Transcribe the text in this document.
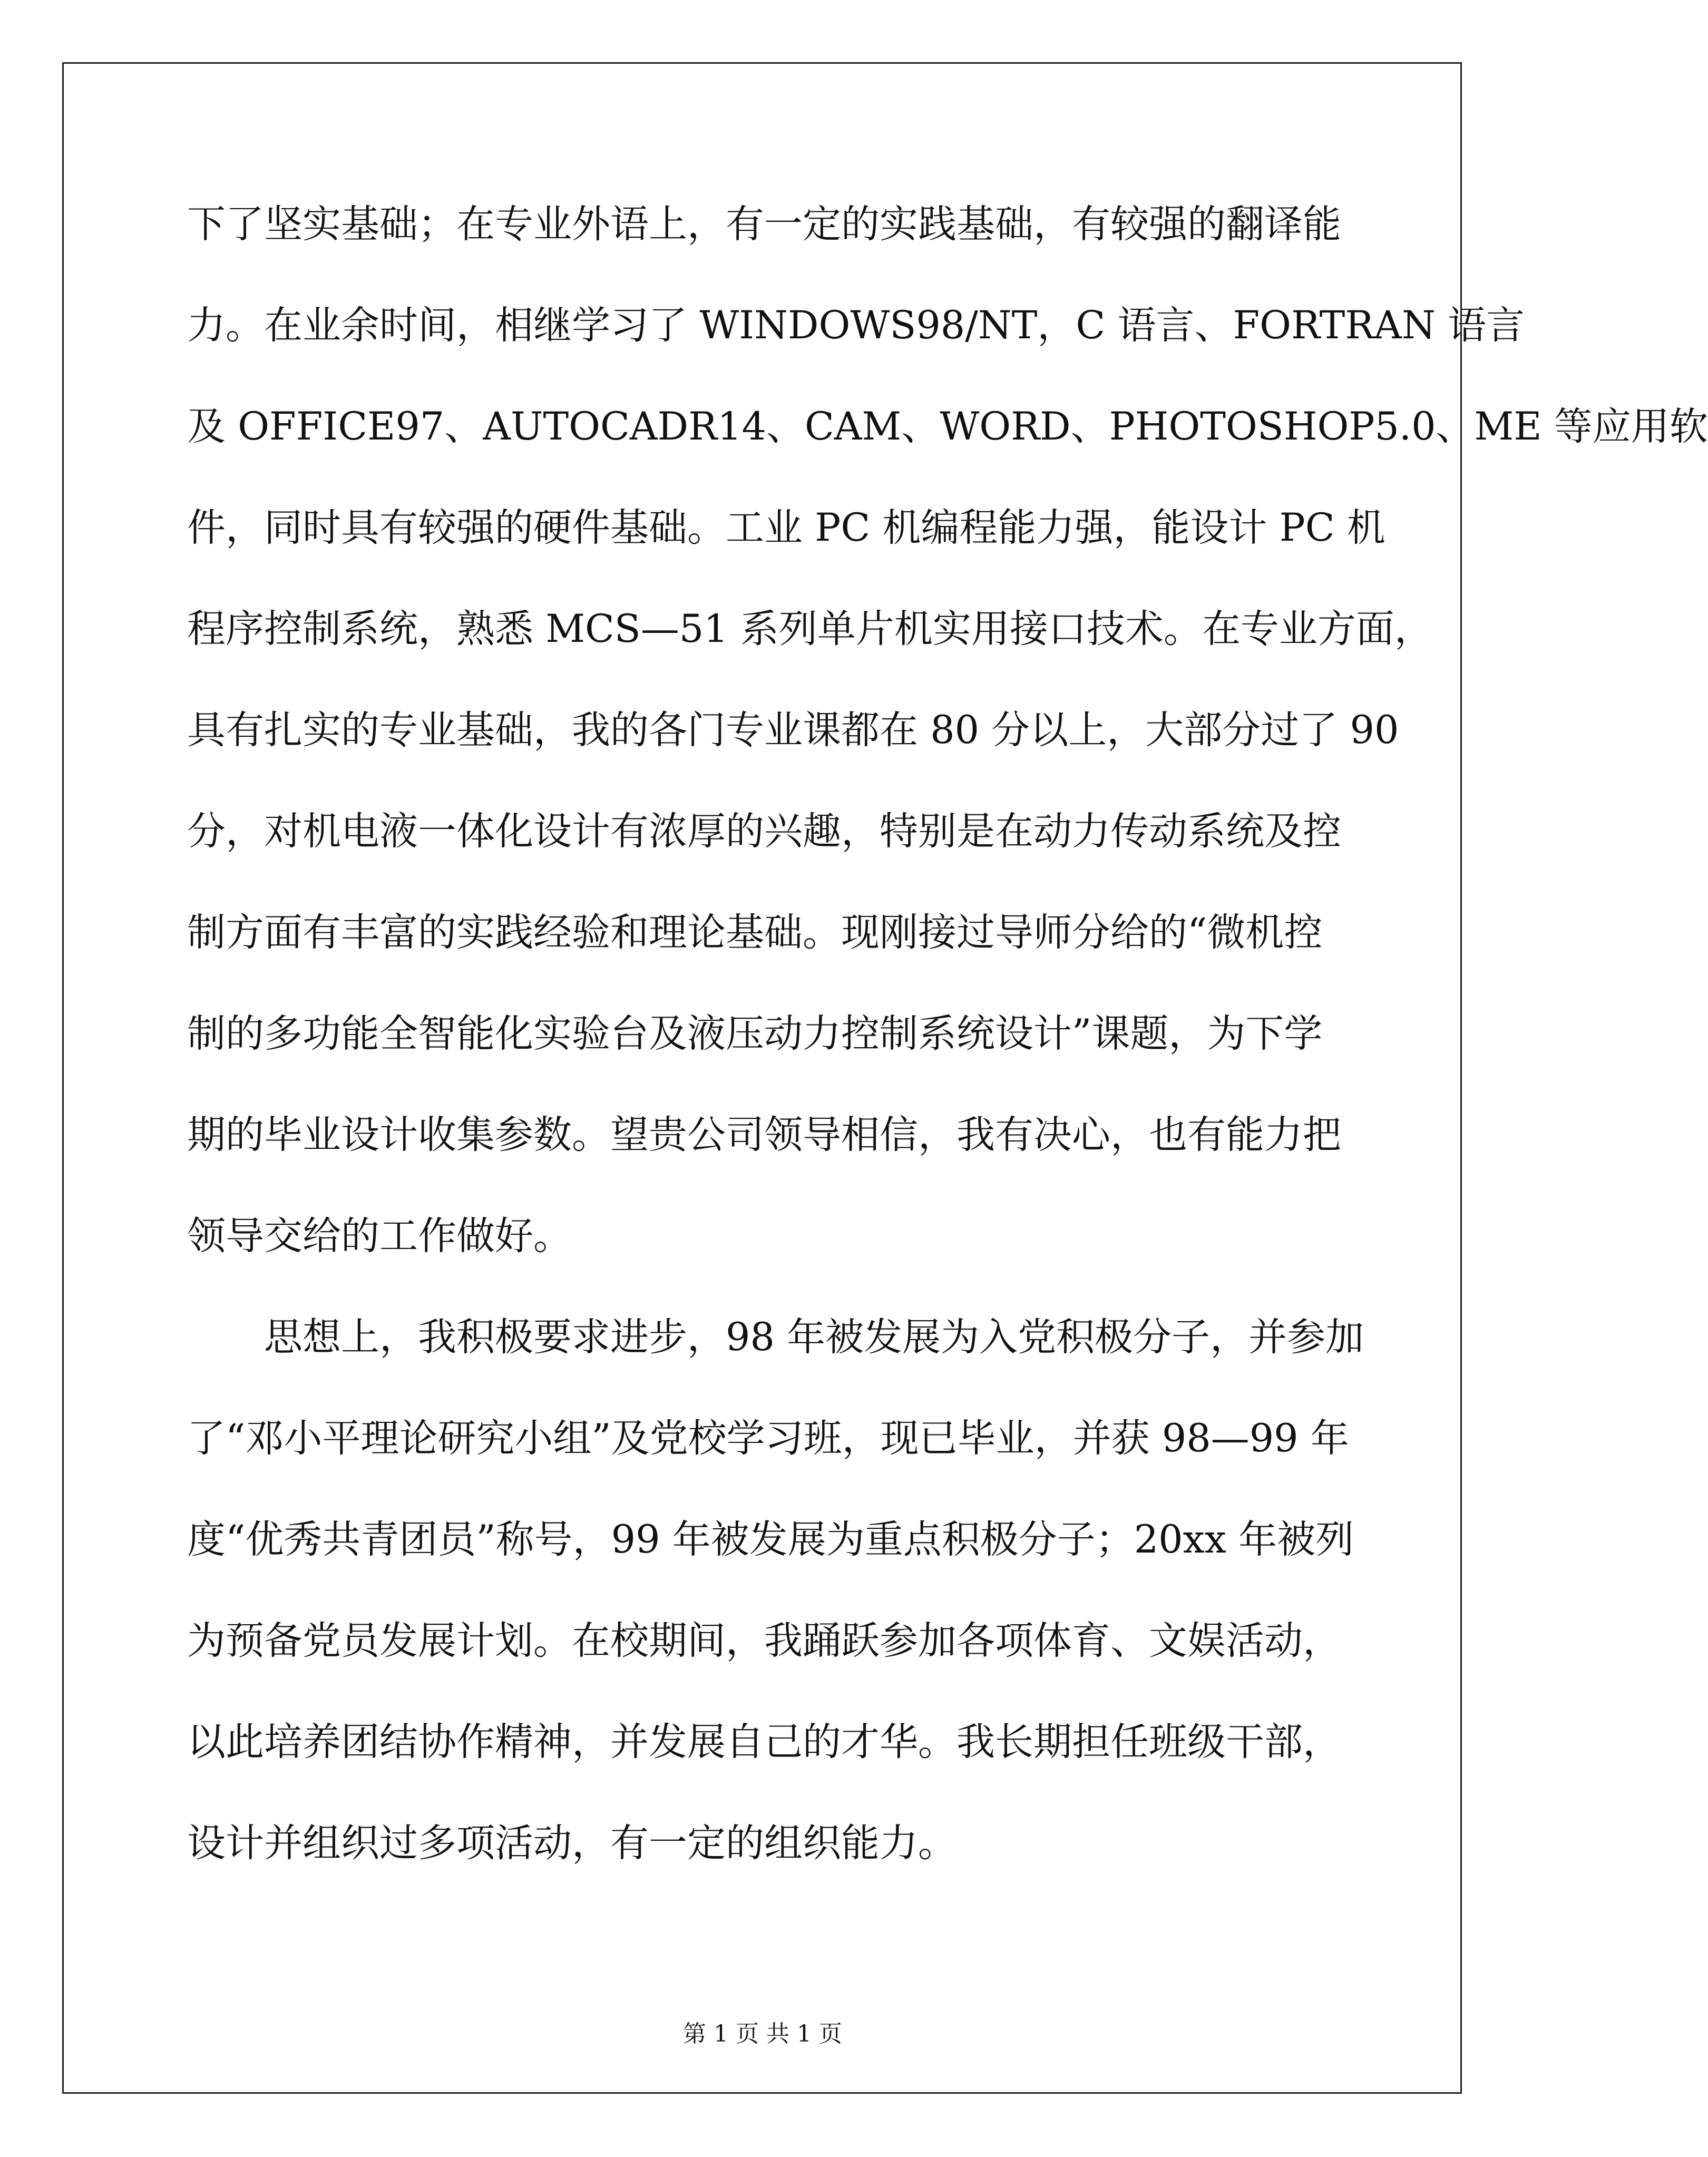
下了坚实基础；在专业外语上，有一定的实践基础，有较强的翻译能
力。在业余时间，相继学习了 WINDOWS98/NT，C 语言、FORTRAN 语言
及 OFFICE97、AUTOCADR14、CAM、WORD、PHOTOSHOP5.0、ME 等应用软
件，同时具有较强的硬件基础。工业 PC 机编程能力强，能设计 PC 机
程序控制系统，熟悉 MCS—51 系列单片机实用接口技术。在专业方面，
具有扎实的专业基础，我的各门专业课都在 80 分以上，大部分过了 90
分，对机电液一体化设计有浓厚的兴趣，特别是在动力传动系统及控
制方面有丰富的实践经验和理论基础。现刚接过导师分给的“微机控
制的多功能全智能化实验台及液压动力控制系统设计”课题，为下学
期的毕业设计收集参数。望贵公司领导相信，我有决心，也有能力把
领导交给的工作做好。
思想上，我积极要求进步，98 年被发展为入党积极分子，并参加
了“邓小平理论研究小组”及党校学习班，现已毕业，并获 98—99 年
度“优秀共青团员”称号，99 年被发展为重点积极分子；20xx 年被列
为预备党员发展计划。在校期间，我踊跃参加各项体育、文娱活动，
以此培养团结协作精神，并发展自己的才华。我长期担任班级干部，
设计并组织过多项活动，有一定的组织能力。
第 1 页 共 1 页
